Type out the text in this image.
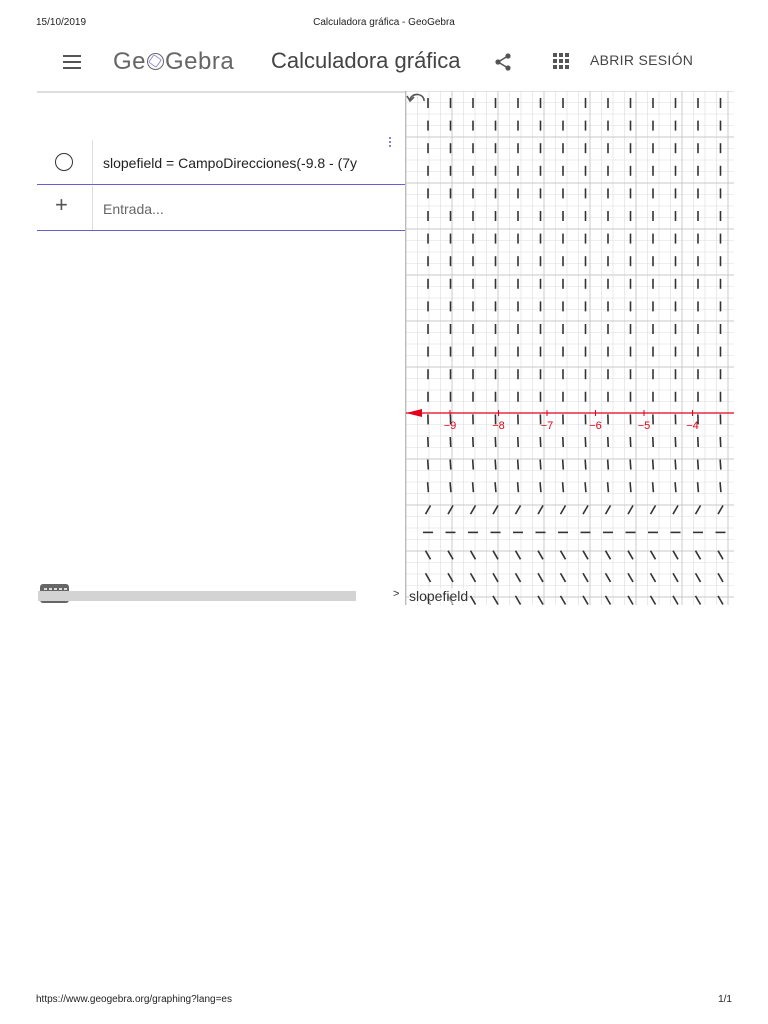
15/10/2019	Calculadora gráfica - GeoGebra
Ge Gebra Calculadora gráfica	ABRIR SESIÓN
slopefield = CampoDirecciones(-9.8 - (7y
+	Entrada...
>
−9	−8	−7	−6	−5	−4
slopefield
https://www.geogebra.org/graphing?lang=es	1/1
